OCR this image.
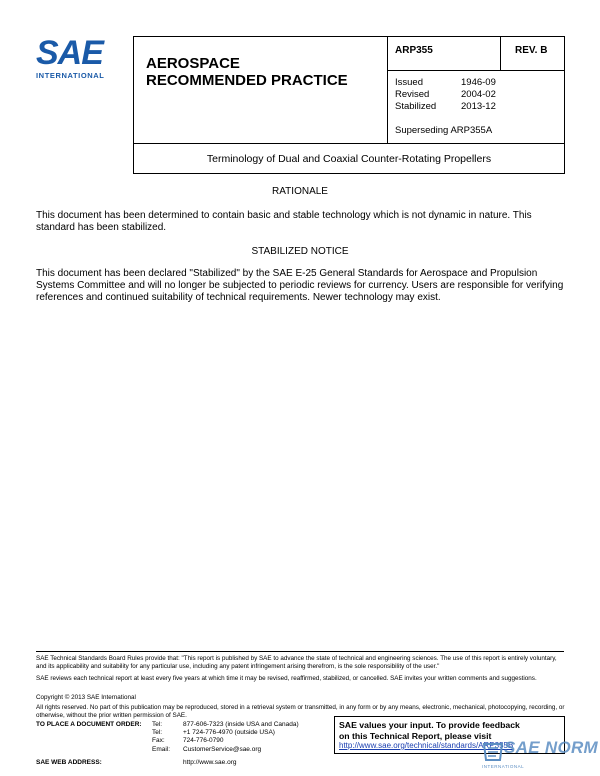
SAE
INTERNATIONAL
AEROSPACE
RECOMMENDED PRACTICE
ARP355	REV. B
Issued	1946-09
Revised	2004-02
Stabilized	2013-12
Superseding ARP355A
Terminology of Dual and Coaxial Counter-Rotating Propellers
RATIONALE
This document has been determined to contain basic and stable technology which is not dynamic in nature. This standard has been stabilized.
STABILIZED NOTICE
This document has been declared "Stabilized" by the SAE E-25 General Standards for Aerospace and Propulsion Systems Committee and will no longer be subjected to periodic reviews for currency. Users are responsible for verifying references and continued suitability of technical requirements. Newer technology may exist.
SAE Technical Standards Board Rules provide that: "This report is published by SAE to advance the state of technical and engineering sciences. The use of this report is entirely voluntary, and its applicability and suitability for any particular use, including any patent infringement arising therefrom, is the sole responsibility of the user."
SAE reviews each technical report at least every five years at which time it may be revised, reaffirmed, stabilized, or cancelled. SAE invites your written comments and suggestions.
Copyright © 2013 SAE International
All rights reserved. No part of this publication may be reproduced, stored in a retrieval system or transmitted, in any form or by any means, electronic, mechanical, photocopying, recording, or otherwise, without the prior written permission of SAE.
TO PLACE A DOCUMENT ORDER:	Tel:	877-606-7323 (inside USA and Canada)
Tel:	+1 724-776-4970 (outside USA)
Fax:	724-776-0790
Email:	CustomerService@sae.org
SAE WEB ADDRESS:	http://www.sae.org
SAE values your input. To provide feedback
on this Technical Report, please visit
http://www.sae.org/technical/standards/ARP355B
SAE NORM
INTERNATIONAL
